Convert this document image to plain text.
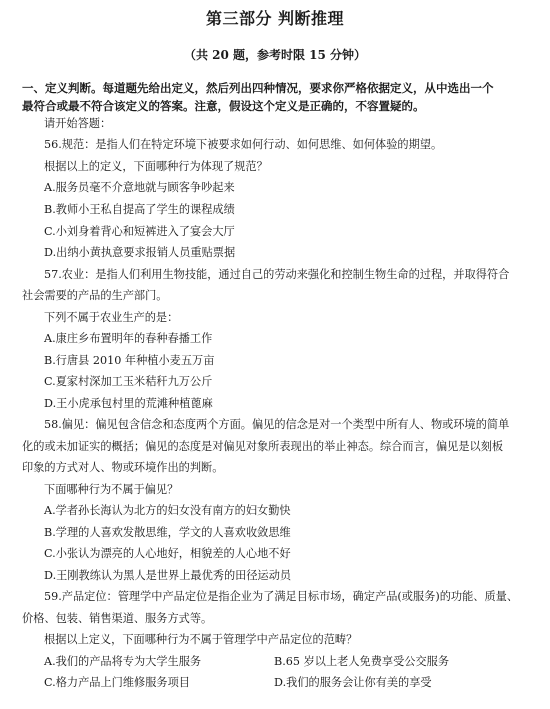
第三部分 判断推理
（共 20 题，参考时限 15 分钟）
一、定义判断。每道题先给出定义，然后列出四种情况，要求你严格依据定义，从中选出一个
最符合或最不符合该定义的答案。注意，假设这个定义是正确的，不容置疑的。
请开始答题：
56.规范：是指人们在特定环境下被要求如何行动、如何思维、如何体验的期望。
根据以上的定义，下面哪种行为体现了规范？
A.服务员毫不介意地就与顾客争吵起来
B.教师小王私自提高了学生的课程成绩
C.小刘身着背心和短裤进入了宴会大厅
D.出纳小黄执意要求报销人员重贴票据
57.农业：是指人们利用生物技能，通过自己的劳动来强化和控制生物生命的过程，并取得符合
社会需要的产品的生产部门。
下列不属于农业生产的是：
A.康庄乡布置明年的春种春播工作
B.行唐县 2010 年种植小麦五万亩
C.夏家村深加工玉米秸秆九万公斤
D.王小虎承包村里的荒滩种植蓖麻
58.偏见：偏见包含信念和态度两个方面。偏见的信念是对一个类型中所有人、物或环境的简单
化的或未加证实的概括；偏见的态度是对偏见对象所表现出的举止神态。综合而言，偏见是以刻板
印象的方式对人、物或环境作出的判断。
下面哪种行为不属于偏见？
A.学者孙长海认为北方的妇女没有南方的妇女勤快
B.学理的人喜欢发散思维，学文的人喜欢收敛思维
C.小张认为漂亮的人心地好，相貌差的人心地不好
D.王刚教练认为黑人是世界上最优秀的田径运动员
59.产品定位：管理学中产品定位是指企业为了满足目标市场，确定产品(或服务)的功能、质量、
价格、包装、销售渠道、服务方式等。
根据以上定义，下面哪种行为不属于管理学中产品定位的范畴？
A.我们的产品将专为大学生服务	B.65 岁以上老人免费享受公交服务
C.格力产品上门维修服务项目	D.我们的服务会让你有美的享受
